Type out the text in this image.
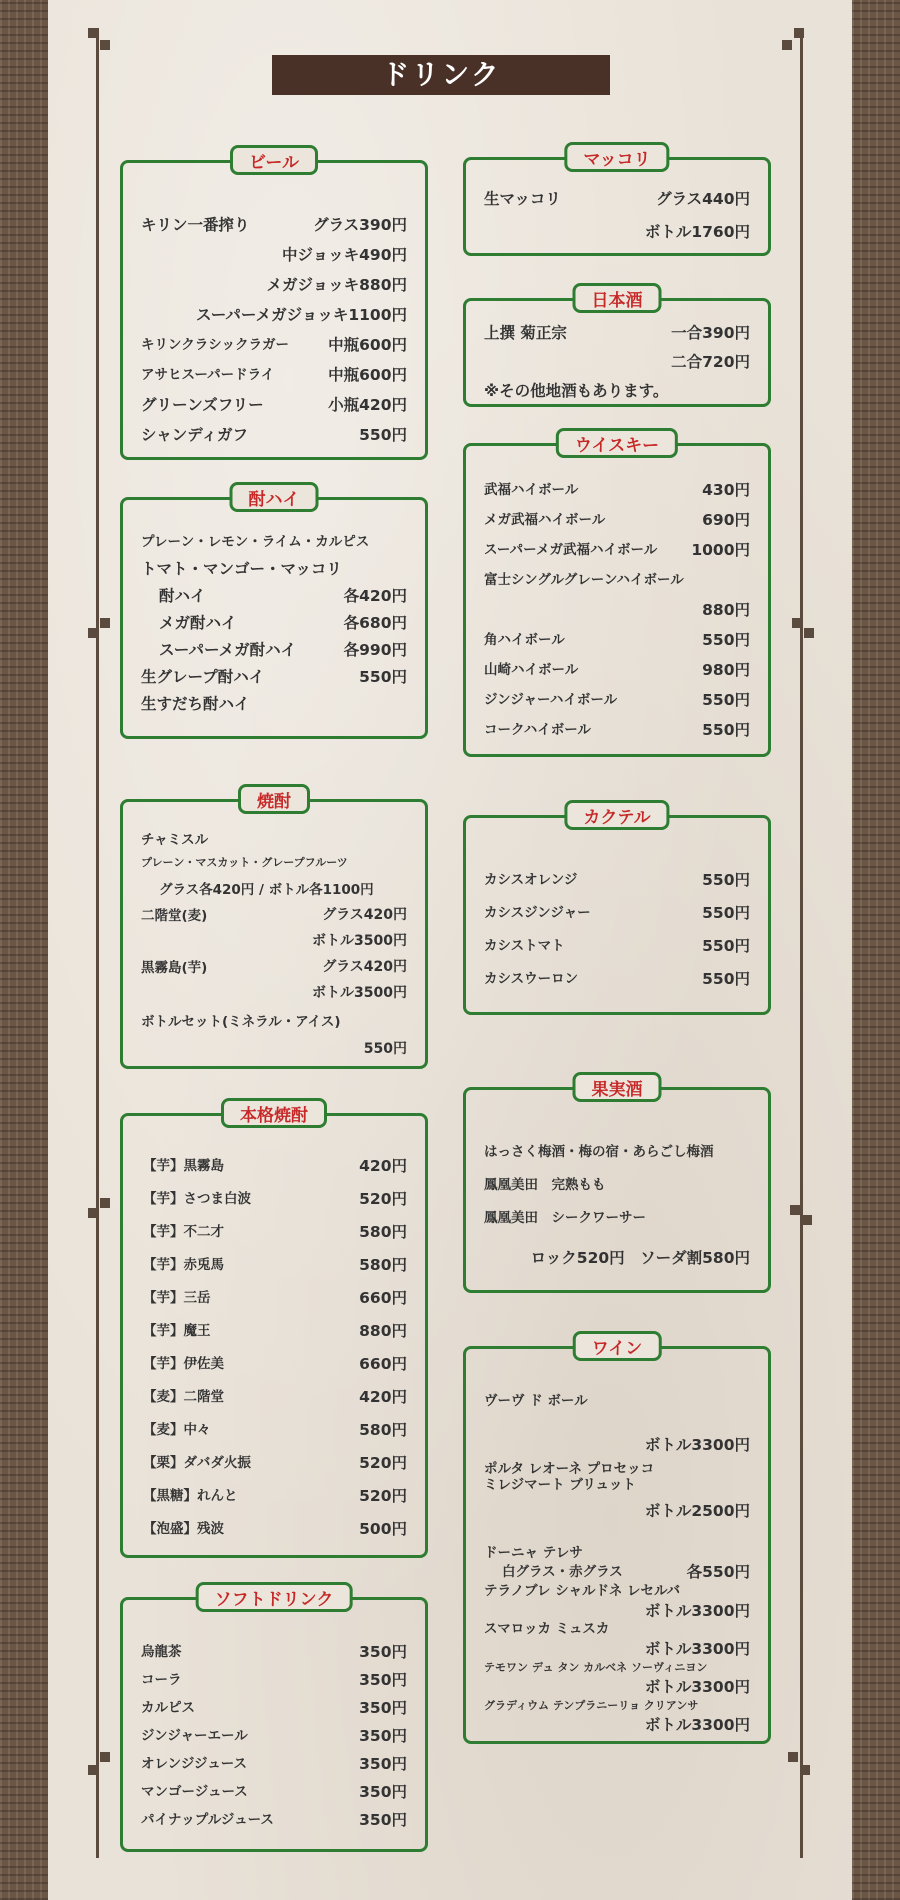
ドリンク
ビール
キリン一番搾り	グラス390円
中ジョッキ490円
メガジョッキ880円
スーパーメガジョッキ1100円
キリンクラシックラガー	中瓶600円
アサヒスーパードライ	中瓶600円
グリーンズフリー	小瓶420円
シャンディガフ	550円
酎ハイ
プレーン・レモン・ライム・カルピス
トマト・マンゴー・マッコリ
酎ハイ	各420円
メガ酎ハイ	各680円
スーパーメガ酎ハイ	各990円
生グレープ酎ハイ	550円
生すだち酎ハイ
焼酎
チャミスル
プレーン・マスカット・グレープフルーツ
グラス各420円 / ボトル各1100円
二階堂(麦)	グラス420円
ボトル3500円
黒霧島(芋)	グラス420円
ボトル3500円
ボトルセット(ミネラル・アイス)
550円
本格焼酎
【芋】黒霧島	420円
【芋】さつま白波	520円
【芋】不二才	580円
【芋】赤兎馬	580円
【芋】三岳	660円
【芋】魔王	880円
【芋】伊佐美	660円
【麦】二階堂	420円
【麦】中々	580円
【栗】ダバダ火振	520円
【黒糖】れんと	520円
【泡盛】残波	500円
ソフトドリンク
烏龍茶	350円
コーラ	350円
カルピス	350円
ジンジャーエール	350円
オレンジジュース	350円
マンゴージュース	350円
パイナップルジュース	350円
マッコリ
生マッコリ	グラス440円
ボトル1760円
日本酒
上撰 菊正宗	一合390円
二合720円
※その他地酒もあります。
ウイスキー
武福ハイボール	430円
メガ武福ハイボール	690円
スーパーメガ武福ハイボール 1000円
富士シングルグレーンハイボール
880円
角ハイボール	550円
山崎ハイボール	980円
ジンジャーハイボール	550円
コークハイボール	550円
カクテル
カシスオレンジ	550円
カシスジンジャー	550円
カシストマト	550円
カシスウーロン	550円
果実酒
はっさく梅酒・梅の宿・あらごし梅酒
鳳凰美田　完熟もも
鳳凰美田　シークワーサー
ロック520円　ソーダ割580円
ワイン
ヴーヴ ド ボール
ボトル3300円
ポルタ レオーネ プロセッコ
ミレジマート ブリュット
ボトル2500円
ドーニャ テレサ
白グラス・赤グラス	各550円
テラノブレ シャルドネ レセルバ
ボトル3300円
スマロッカ ミュスカ
ボトル3300円
テモワン デュ タン カルベネ ソーヴィニヨン
ボトル3300円
グラディウム テンプラニーリョ クリアンサ
ボトル3300円
